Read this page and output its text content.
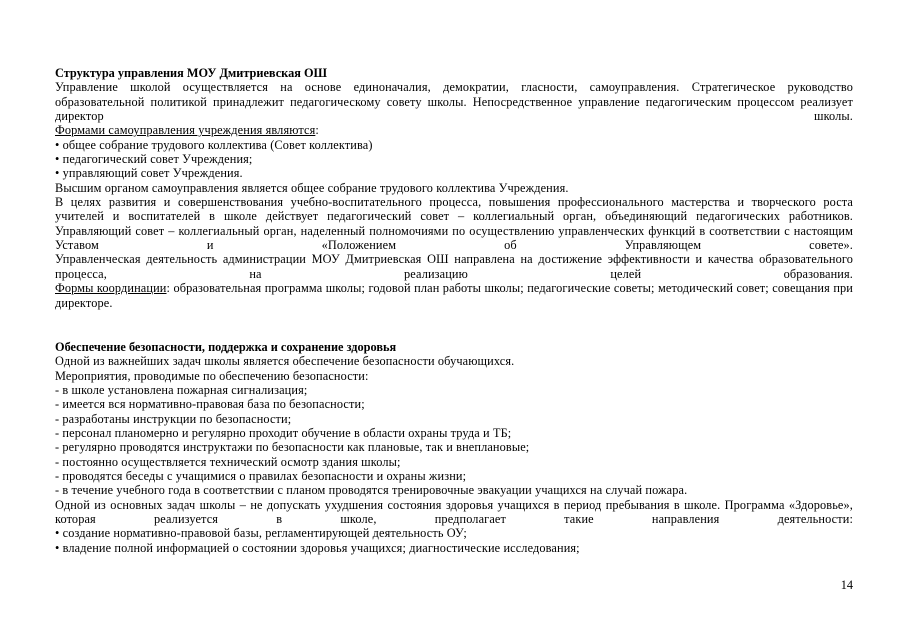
Структура управления МОУ Дмитриевская ОШ
Управление школой осуществляется на основе единоначалия, демократии, гласности, самоуправления. Стратегическое руководство образовательной политикой принадлежит педагогическому совету школы. Непосредственное управление педагогическим процессом реализует директор школы.
Формами самоуправления учреждения являются:
• общее собрание трудового коллектива (Совет коллектива)
• педагогический совет Учреждения;
• управляющий совет Учреждения.
Высшим органом самоуправления является общее собрание трудового коллектива Учреждения.
В целях развития и совершенствования учебно-воспитательного процесса, повышения профессионального мастерства и творческого роста учителей и воспитателей в школе действует педагогический совет – коллегиальный орган, объединяющий педагогических работников.
Управляющий совет – коллегиальный орган, наделенный полномочиями по осуществлению управленческих функций в соответствии с настоящим Уставом и «Положением об Управляющем совете».
Управленческая деятельность администрации МОУ Дмитриевская ОШ направлена на достижение эффективности и качества образовательного процесса, на реализацию целей образования.
Формы координации: образовательная программа школы; годовой план работы школы; педагогические советы; методический совет; совещания при директоре.
Обеспечение безопасности, поддержка и сохранение здоровья
Одной из важнейших задач школы является обеспечение безопасности обучающихся.
Мероприятия, проводимые по обеспечению безопасности:
- в школе установлена пожарная сигнализация;
- имеется вся нормативно-правовая база по безопасности;
- разработаны инструкции по безопасности;
- персонал планомерно и регулярно проходит обучение в области охраны труда и ТБ;
- регулярно проводятся инструктажи по безопасности как плановые, так и внеплановые;
- постоянно осуществляется технический осмотр здания школы;
- проводятся беседы с учащимися о правилах безопасности и охраны жизни;
- в течение учебного года в соответствии с планом проводятся тренировочные эвакуации учащихся на случай пожара.
Одной из основных задач школы – не допускать ухудшения состояния здоровья учащихся в период пребывания в школе. Программа «Здоровье», которая реализуется в школе, предполагает такие направления деятельности:
• создание нормативно-правовой базы, регламентирующей деятельность ОУ;
• владение полной информацией о состоянии здоровья учащихся; диагностические исследования;
14
